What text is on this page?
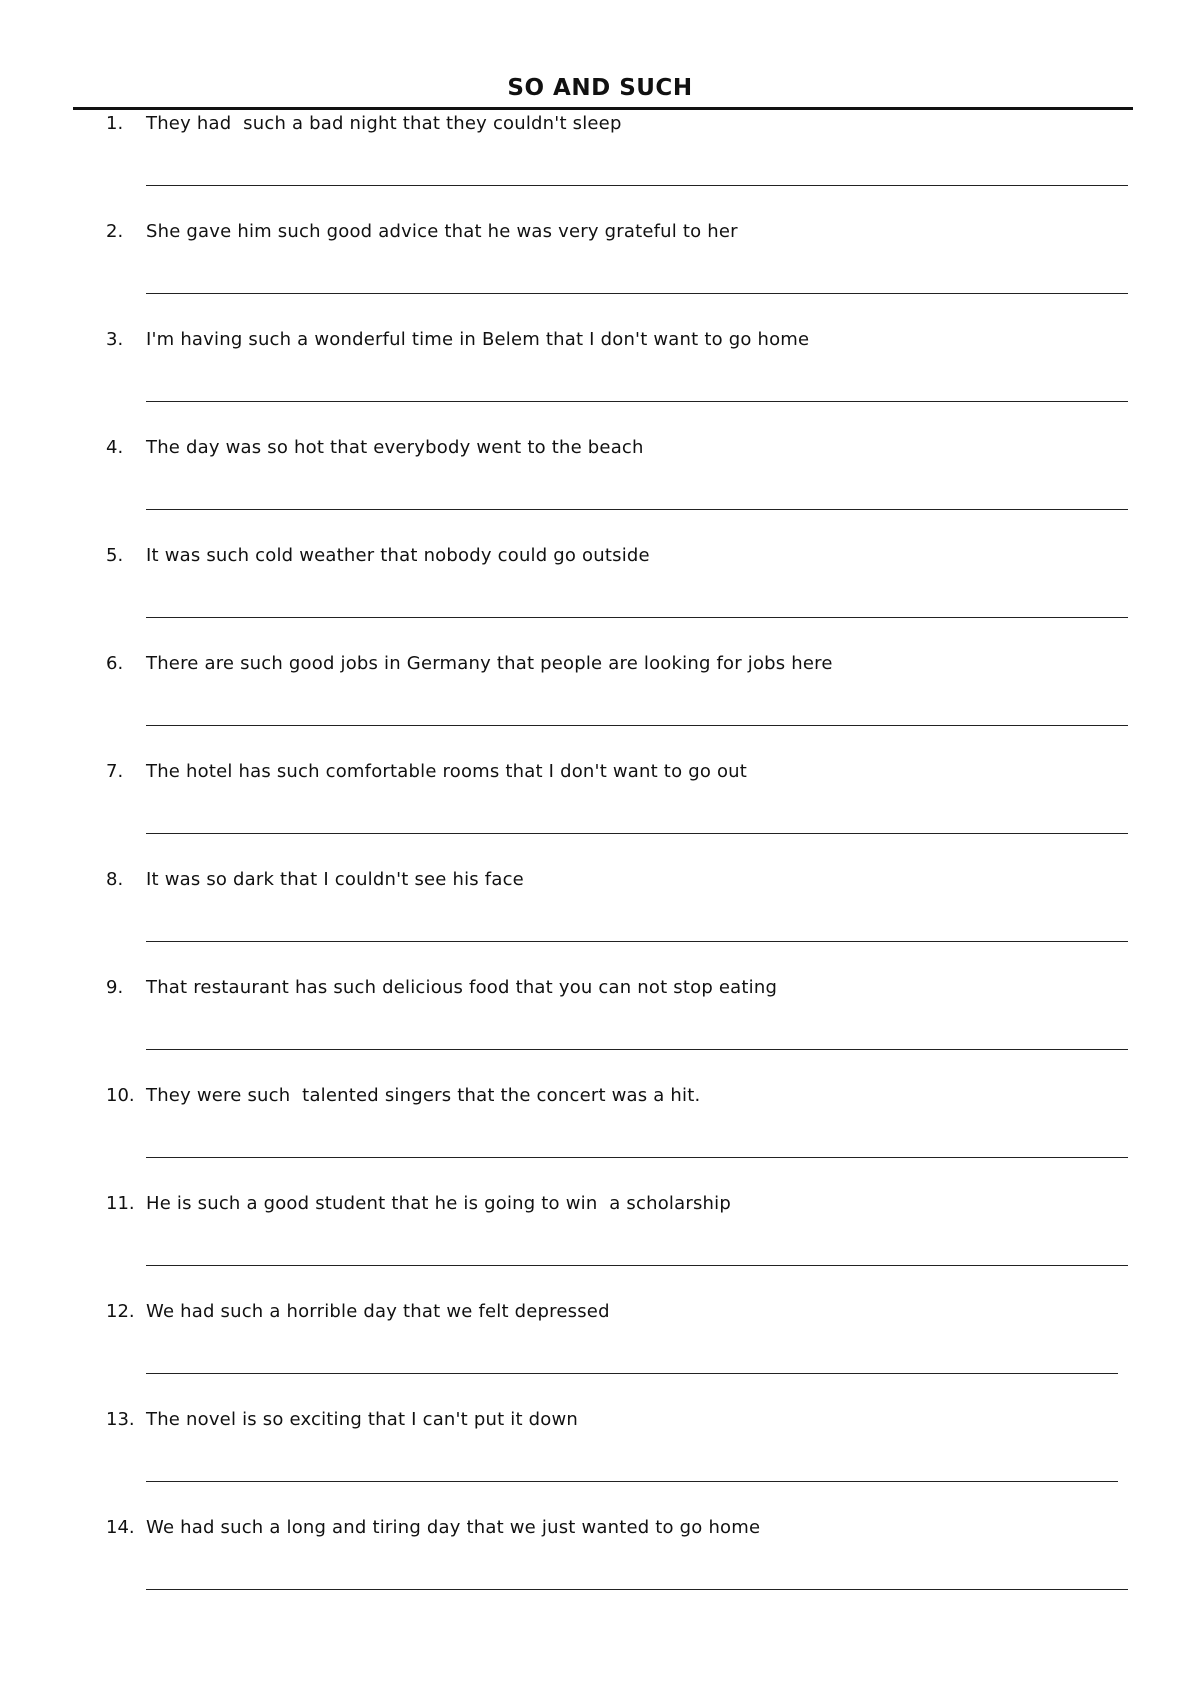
SO AND SUCH
1. They had  such a bad night that they couldn't sleep
2. She gave him such good advice that he was very grateful to her
3. I'm having such a wonderful time in Belem that I don't want to go home
4. The day was so hot that everybody went to the beach
5. It was such cold weather that nobody could go outside
6. There are such good jobs in Germany that people are looking for jobs here
7. The hotel has such comfortable rooms that I don't want to go out
8. It was so dark that I couldn't see his face
9. That restaurant has such delicious food that you can not stop eating
10. They were such  talented singers that the concert was a hit.
11. He is such a good student that he is going to win  a scholarship
12. We had such a horrible day that we felt depressed
13. The novel is so exciting that I can't put it down
14. We had such a long and tiring day that we just wanted to go home
